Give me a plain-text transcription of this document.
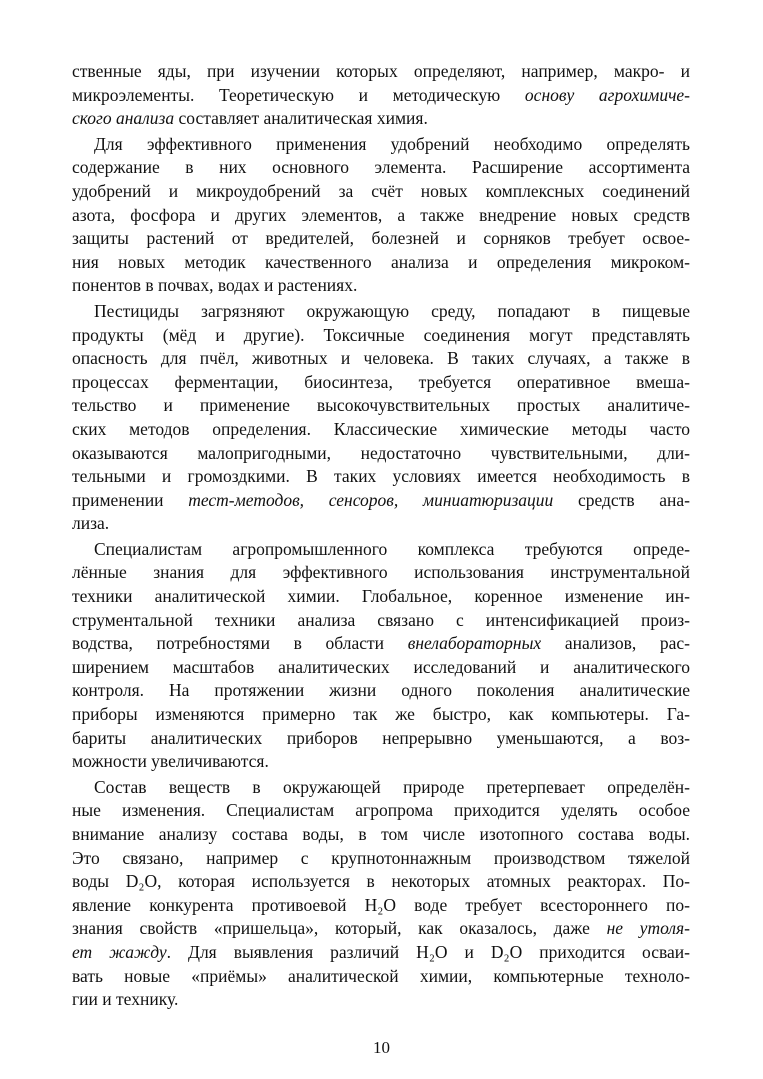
ственные яды, при изучении которых определяют, например, макро- и
микроэлементы. Теоретическую и методическую основу агрохимиче-
ского анализа составляет аналитическая химия.
Для эффективного применения удобрений необходимо определять
содержание в них основного элемента. Расширение ассортимента
удобрений и микроудобрений за счёт новых комплексных соединений
азота, фосфора и других элементов, а также внедрение новых средств
защиты растений от вредителей, болезней и сорняков требует освое-
ния новых методик качественного анализа и определения микроком-
понентов в почвах, водах и растениях.
Пестициды загрязняют окружающую среду, попадают в пищевые
продукты (мёд и другие). Токсичные соединения могут представлять
опасность для пчёл, животных и человека. В таких случаях, а также в
процессах ферментации, биосинтеза, требуется оперативное вмеша-
тельство и применение высокочувствительных простых аналитиче-
ских методов определения. Классические химические методы часто
оказываются малопригодными, недостаточно чувствительными, дли-
тельными и громоздкими. В таких условиях имеется необходимость в
применении тест-методов, сенсоров, миниатюризации средств ана-
лиза.
Специалистам агропромышленного комплекса требуются опреде-
лённые знания для эффективного использования инструментальной
техники аналитической химии. Глобальное, коренное изменение ин-
струментальной техники анализа связано с интенсификацией произ-
водства, потребностями в области внелабораторных анализов, рас-
ширением масштабов аналитических исследований и аналитического
контроля. На протяжении жизни одного поколения аналитические
приборы изменяются примерно так же быстро, как компьютеры. Га-
бариты аналитических приборов непрерывно уменьшаются, а воз-
можности увеличиваются.
Состав веществ в окружающей природе претерпевает определён-
ные изменения. Специалистам агропрома приходится уделять особое
внимание анализу состава воды, в том числе изотопного состава воды.
Это связано, например с крупнотоннажным производством тяжелой
воды D₂O, которая используется в некоторых атомных реакторах. По-
явление конкурента противоевой H₂O воде требует всестороннего по-
знания свойств «пришельца», который, как оказалось, даже не утоля-
ет жажду. Для выявления различий H₂O и D₂O приходится осваи-
вать новые «приёмы» аналитической химии, компьютерные техноло-
гии и технику.
10
